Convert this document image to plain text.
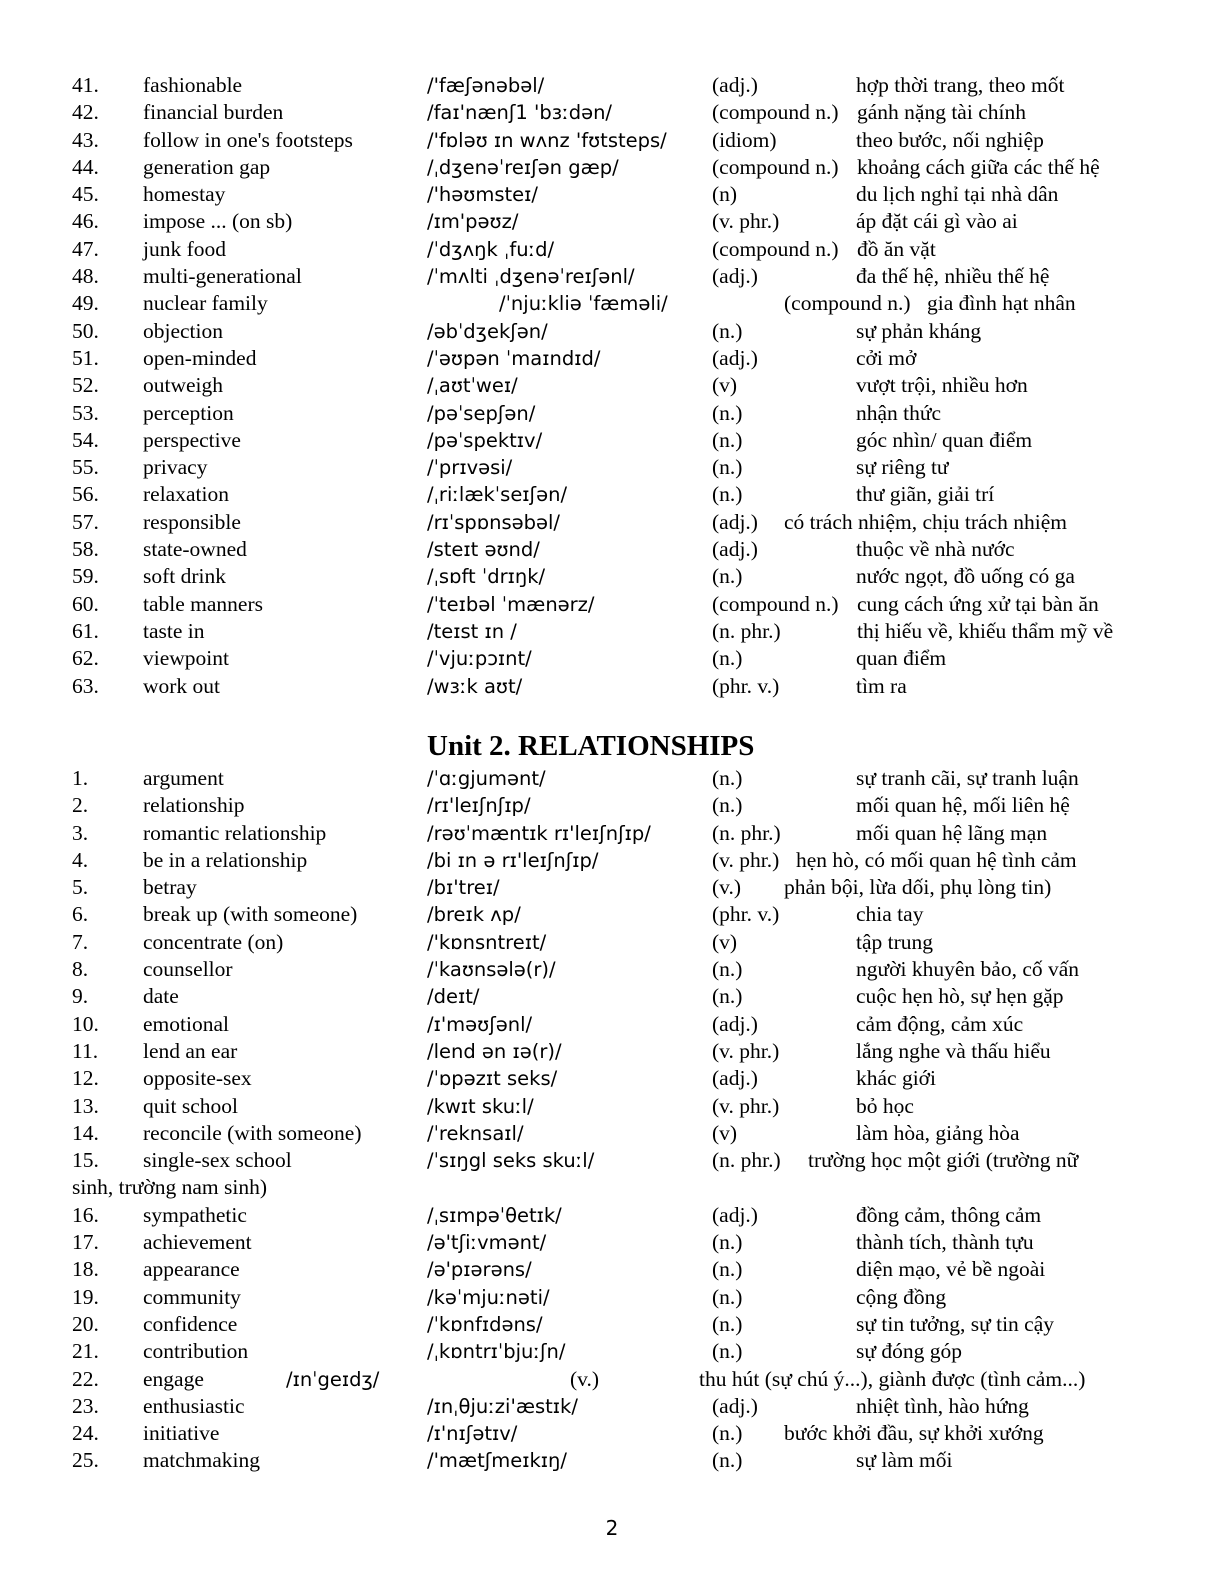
41. fashionable	/'fæʃənəbəl/	(adj.)	hợp thời trang, theo mốt
42. financial burden	/faɪ'nænʃ1 'bɜːdən/	(compound n.) gánh nặng tài chính
43. follow in one's footsteps	/'fɒləʊ ɪn wʌnz 'fʊtsteps/ (idiom)	theo bước, nối nghiệp
44. generation gap	/ˌdʒenəˈreɪʃən gæp/	(compound n.) khoảng cách giữa các thế hệ
45. homestay	/'həʊmsteɪ/	(n)	du lịch nghỉ tại nhà dân
46. impose ... (on sb)	/ɪm'pəʊz/	(v. phr.)	áp đặt cái gì vào ai
47. junk food	/ˈdʒʌŋk ˌfuːd/	(compound n.) đồ ăn vặt
48. multi-generational	/ˈmʌlti ˌdʒenəˈreɪʃənl/	(adj.)	đa thế hệ, nhiều thế hệ
49. nuclear family	/ˈnjuːkliə ˈfæməli/	(compound n.) gia đình hạt nhân
50. objection	/əbˈdʒekʃən/	(n.)	sự phản kháng
51. open-minded	/ˈəʊpən ˈmaɪndɪd/	(adj.)	cởi mở
52. outweigh	/ˌaʊtˈweɪ/	(v)	vượt trội, nhiều hơn
53. perception	/pəˈsepʃən/	(n.)	nhận thức
54. perspective	/pəˈspektɪv/	(n.)	góc nhìn/ quan điểm
55. privacy	/ˈprɪvəsi/	(n.)	sự riêng tư
56. relaxation	/ˌriːlækˈseɪʃən/	(n.)	thư giãn, giải trí
57. responsible	/rɪˈspɒnsəbəl/	(adj.) có trách nhiệm, chịu trách nhiệm
58. state-owned	/steɪt əʊnd/	(adj.)	thuộc về nhà nước
59. soft drink	/ˌsɒft ˈdrɪŋk/	(n.)	nước ngọt, đồ uống có ga
60. table manners	/ˈteɪbəl ˈmænərz/	(compound n.) cung cách ứng xử tại bàn ăn
61. taste in	/teɪst ɪn /	(n. phr.)	thị hiếu về, khiếu thẩm mỹ về
62. viewpoint	/ˈvjuːpɔɪnt/	(n.)	quan điểm
63. work out	/wɜːk aʊt/	(phr. v.)	tìm ra
Unit 2. RELATIONSHIPS
1.	argument	/ˈɑːgjumənt/	(n.)	sự tranh cãi, sự tranh luận
2.	relationship	/rɪ'leɪʃnʃɪp/	(n.)	mối quan hệ, mối liên hệ
3.	romantic relationship	/rəʊˈmæntɪk rɪ'leɪʃnʃɪp/	(n. phr.)	mối quan hệ lãng mạn
4.	be in a relationship	/bi ɪn ə rɪ'leɪʃnʃɪp/	(v. phr.) hẹn hò, có mối quan hệ tình cảm
5.	betray	/bɪ'treɪ/	(v.) phản bội, lừa dối, phụ lòng tin)
6.	break up (with someone)	/breɪk ʌp/	(phr. v.)	chia tay
7.	concentrate (on)	/'kɒnsntreɪt/	(v)	tập trung
8.	counsellor	/ˈkaʊnsələ(r)/	(n.)	người khuyên bảo, cố vấn
9.	date	/deɪt/	(n.)	cuộc hẹn hò, sự hẹn gặp
10. emotional	/ɪ'məʊʃənl/	(adj.)	cảm động, cảm xúc
11. lend an ear	/lend ən ɪə(r)/	(v. phr.)	lắng nghe và thấu hiểu
12. opposite-sex	/ˈɒpəzɪt seks/	(adj.)	khác giới
13. quit school	/kwɪt skuːl/	(v. phr.)	bỏ học
14. reconcile (with someone)	/ˈreknsaɪl/	(v)	làm hòa, giảng hòa
15. single-sex school	/ˈsɪŋgl seks skuːl/	(n. phr.) trường học một giới (trường nữ
sinh, trường nam sinh)
16. sympathetic	/ˌsɪmpəˈθetɪk/	(adj.)	đồng cảm, thông cảm
17. achievement	/ə'tʃiːvmənt/	(n.)	thành tích, thành tựu
18. appearance	/ə'pɪərəns/	(n.)	diện mạo, vẻ bề ngoài
19. community	/kəˈmjuːnəti/	(n.)	cộng đồng
20. confidence	/ˈkɒnfɪdəns/	(n.)	sự tin tưởng, sự tin cậy
21. contribution	/ˌkɒntrɪˈbjuːʃn/	(n.)	sự đóng góp
22. engage	/ɪnˈgeɪdʒ/	(v.)	thu hút (sự chú ý...), giành được (tình cảm...)
23. enthusiastic	/ɪnˌθjuːzi'æstɪk/	(adj.)	nhiệt tình, hào hứng
24. initiative	/ɪ'nɪʃətɪv/	(n.) bước khởi đầu, sự khởi xướng
25. matchmaking	/'mætʃmeɪkɪŋ/	(n.)	sự làm mối
2
